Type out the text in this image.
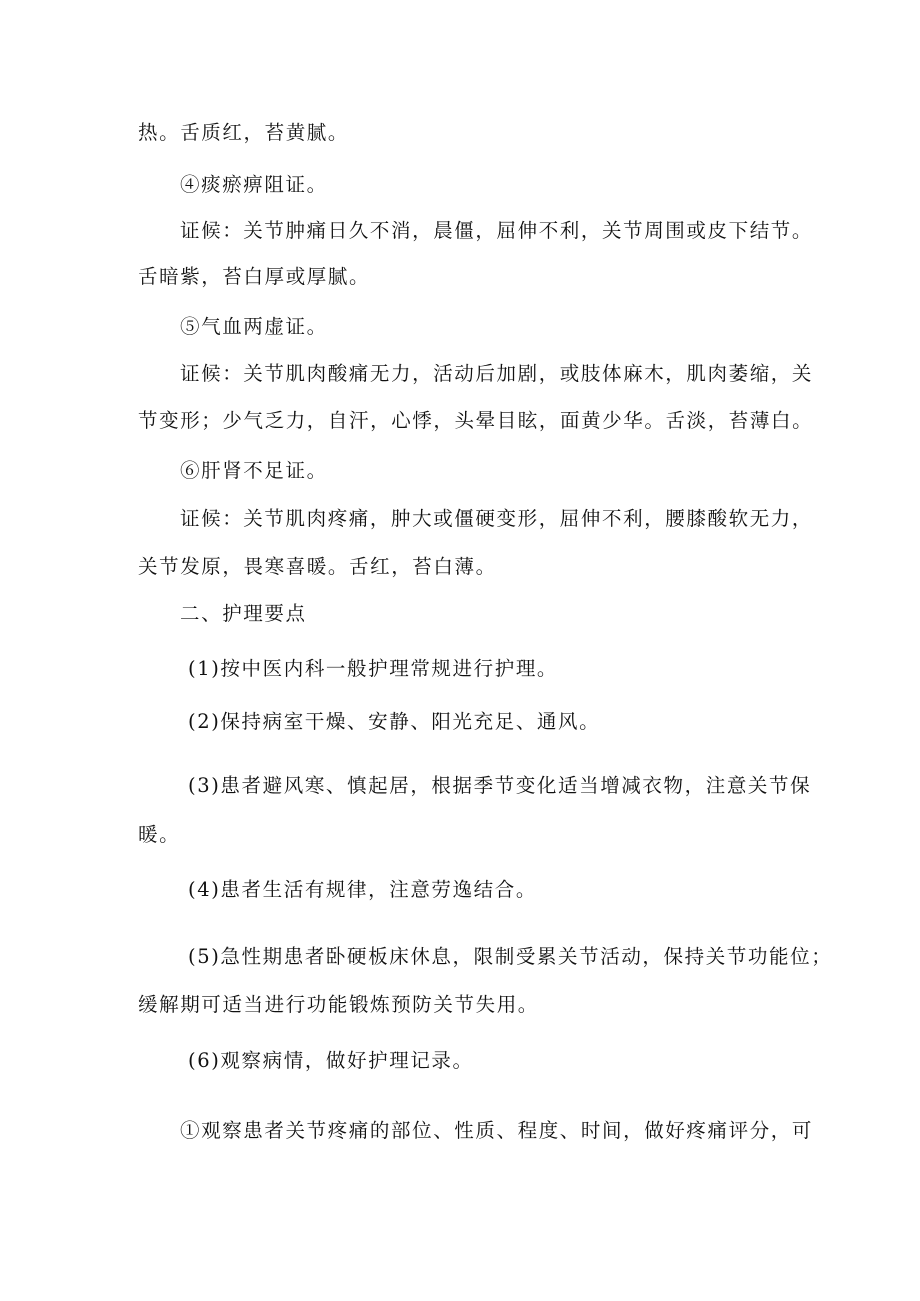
热。舌质红，苔黄腻。

④痰瘀痹阻证。

证候：关节肿痛日久不消，晨僵，屈伸不利，关节周围或皮下结节。

舌暗紫，苔白厚或厚腻。

⑤气血两虚证。

证候：关节肌肉酸痛无力，活动后加剧，或肢体麻木，肌肉萎缩，关

节变形；少气乏力，自汗，心悸，头晕目眩，面黄少华。舌淡，苔薄白。

⑥肝肾不足证。

证候：关节肌肉疼痛，肿大或僵硬变形，屈伸不利，腰膝酸软无力，

关节发原，畏寒喜暖。舌红，苔白薄。

二、护理要点

(1)按中医内科一般护理常规进行护理。

(2)保持病室干燥、安静、阳光充足、通风。

(3)患者避风寒、慎起居，根据季节变化适当增减衣物，注意关节保

暖。

(4)患者生活有规律，注意劳逸结合。

(5)急性期患者卧硬板床休息，限制受累关节活动，保持关节功能位；

缓解期可适当进行功能锻炼预防关节失用。

(6)观察病情，做好护理记录。

①观察患者关节疼痛的部位、性质、程度、时间，做好疼痛评分，可
